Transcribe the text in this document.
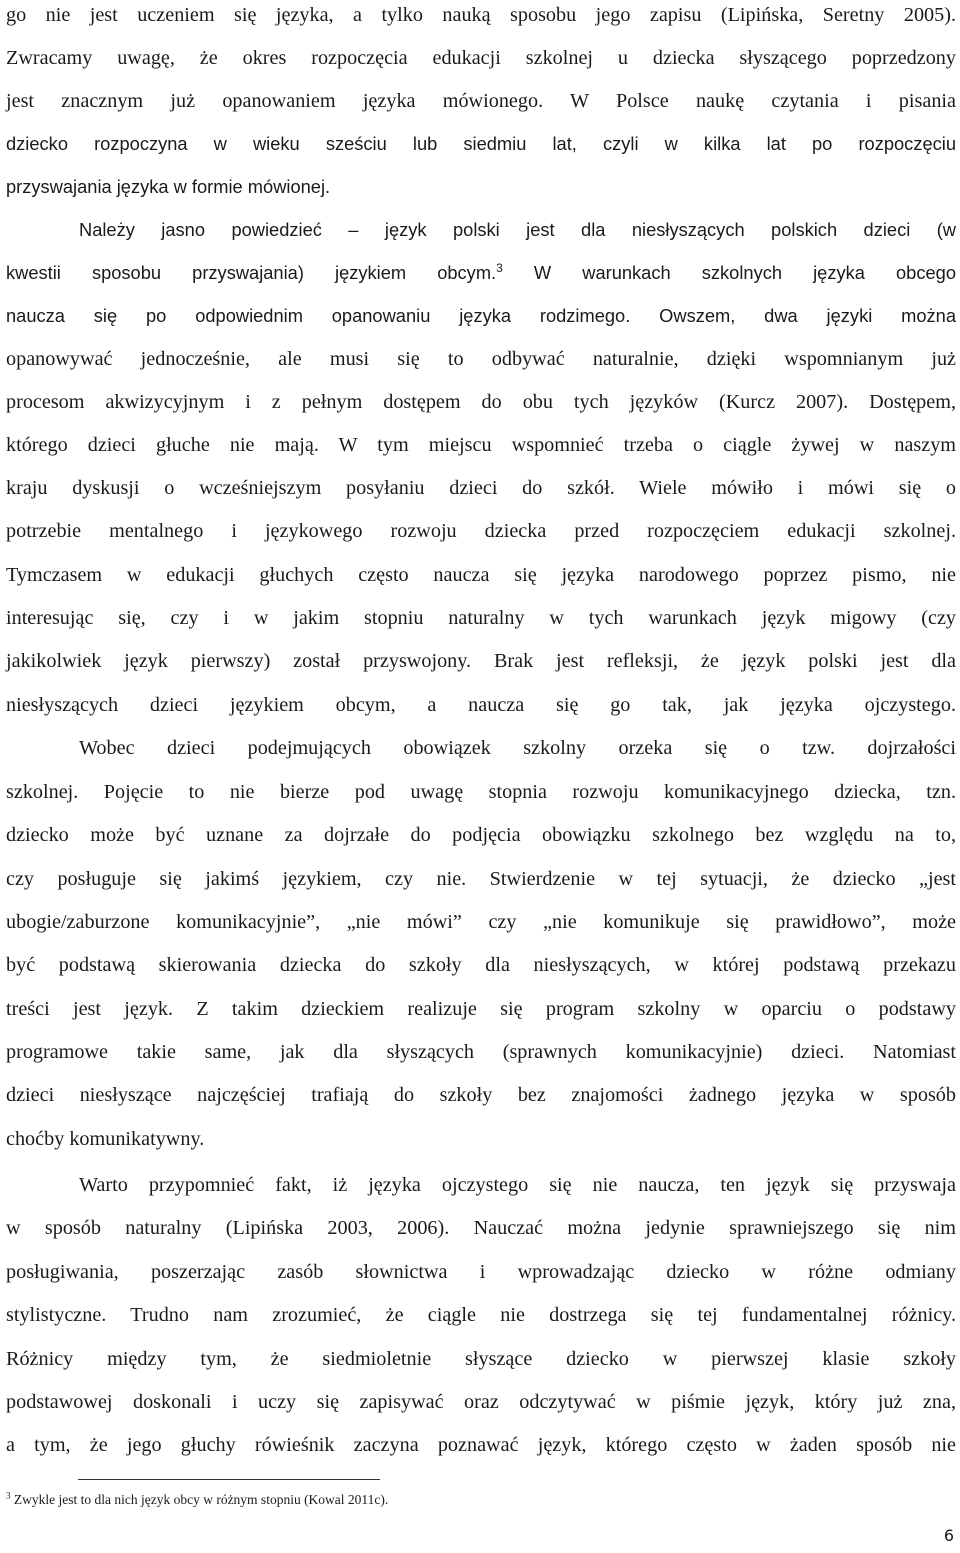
go nie jest uczeniem się języka, a tylko nauką sposobu jego zapisu (Lipińska, Seretny 2005).
Zwracamy uwagę, że okres rozpoczęcia edukacji szkolnej u dziecka słyszącego poprzedzony
jest znacznym już opanowaniem języka mówionego. W Polsce naukę czytania i pisania
dziecko rozpoczyna w wieku sześciu lub siedmiu lat, czyli w kilka lat po rozpoczęciu
przyswajania języka w formie mówionej.
Należy jasno powiedzieć – język polski jest dla niesłyszących polskich dzieci (w
kwestii sposobu przyswajania) językiem obcym.$^3$ W warunkach szkolnych języka obcego
naucza się po odpowiednim opanowaniu języka rodzimego. Owszem, dwa języki można
opanowywać jednocześnie, ale musi się to odbywać naturalnie, dzięki wspomnianym już
procesom akwizycyjnym i z pełnym dostępem do obu tych języków (Kurcz 2007). Dostępem,
którego dzieci głuche nie mają. W tym miejscu wspomnieć trzeba o ciągle żywej w naszym
kraju dyskusji o wcześniejszym posyłaniu dzieci do szkół. Wiele mówiło i mówi się o
potrzebie mentalnego i językowego rozwoju dziecka przed rozpoczęciem edukacji szkolnej.
Tymczasem w edukacji głuchych często naucza się języka narodowego poprzez pismo, nie
interesując się, czy i w jakim stopniu naturalny w tych warunkach język migowy (czy
jakikolwiek język pierwszy) został przyswojony. Brak jest refleksji, że język polski jest dla
niesłyszących dzieci językiem obcym, a naucza się go tak, jak języka ojczystego.
Wobec dzieci podejmujących obowiązek szkolny orzeka się o tzw. dojrzałości
szkolnej. Pojęcie to nie bierze pod uwagę stopnia rozwoju komunikacyjnego dziecka, tzn.
dziecko może być uznane za dojrzałe do podjęcia obowiązku szkolnego bez względu na to,
czy posługuje się jakimś językiem, czy nie. Stwierdzenie w tej sytuacji, że dziecko „jest
ubogie/zaburzone komunikacyjnie”, „nie mówi” czy „nie komunikuje się prawidłowo”, może
być podstawą skierowania dziecka do szkoły dla niesłyszących, w której podstawą przekazu
treści jest język. Z takim dzieckiem realizuje się program szkolny w oparciu o podstawy
programowe takie same, jak dla słyszących (sprawnych komunikacyjnie) dzieci. Natomiast
dzieci niesłyszące najczęściej trafiają do szkoły bez znajomości żadnego języka w sposób
choćby komunikatywny.
Warto przypomnieć fakt, iż języka ojczystego się nie naucza, ten język się przyswaja
w sposób naturalny (Lipińska 2003, 2006). Nauczać można jedynie sprawniejszego się nim
posługiwania, poszerzając zasób słownictwa i wprowadzając dziecko w różne odmiany
stylistyczne. Trudno nam zrozumieć, że ciągle nie dostrzega się tej fundamentalnej różnicy.
Różnicy między tym, że siedmioletnie słyszące dziecko w pierwszej klasie szkoły
podstawowej doskonali i uczy się zapisywać oraz odczytywać w piśmie język, który już zna,
a tym, że jego głuchy rówieśnik zaczyna poznawać język, którego często w żaden sposób nie
$^3$ Zwykle jest to dla nich język obcy w różnym stopniu (Kowal 2011c).
6
